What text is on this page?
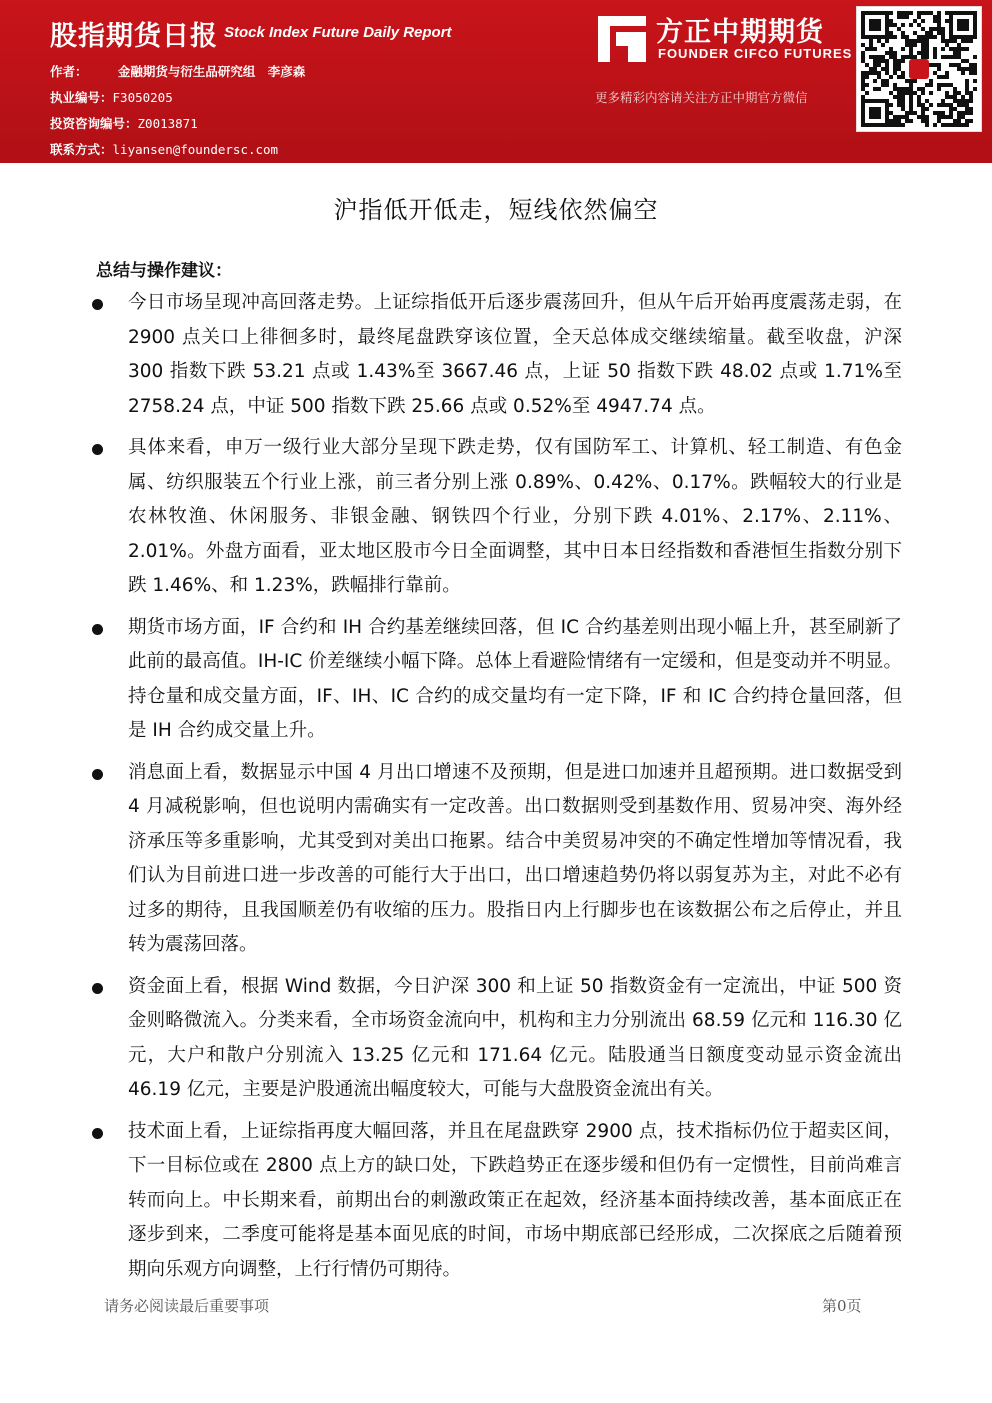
股指期货日报 Stock Index Future Daily Report
作者： 金融期货与衍生品研究组 李彦森
执业编号：F3050205
投资咨询编号：Z0013871
联系方式：liyansen@foundersc.com
方正中期期货
FOUNDER CIFCO FUTURES
更多精彩内容请关注方正中期官方微信
沪指低开低走，短线依然偏空
总结与操作建议：
今日市场呈现冲高回落走势。上证综指低开后逐步震荡回升，但从午后开始再度震荡走弱，在 2900 点关口上徘徊多时，最终尾盘跌穿该位置，全天总体成交继续缩量。截至收盘，沪深 300 指数下跌 53.21 点或 1.43%至 3667.46 点，上证 50 指数下跌 48.02 点或 1.71%至 2758.24 点，中证 500 指数下跌 25.66 点或 0.52%至 4947.74 点。
具体来看，申万一级行业大部分呈现下跌走势，仅有国防军工、计算机、轻工制造、有色金属、纺织服装五个行业上涨，前三者分别上涨 0.89%、0.42%、0.17%。跌幅较大的行业是农林牧渔、休闲服务、非银金融、钢铁四个行业，分别下跌 4.01%、2.17%、2.11%、2.01%。外盘方面看，亚太地区股市今日全面调整，其中日本日经指数和香港恒生指数分别下跌 1.46%、和 1.23%，跌幅排行靠前。
期货市场方面，IF 合约和 IH 合约基差继续回落，但 IC 合约基差则出现小幅上升，甚至刷新了此前的最高值。IH-IC 价差继续小幅下降。总体上看避险情绪有一定缓和，但是变动并不明显。持仓量和成交量方面，IF、IH、IC 合约的成交量均有一定下降，IF 和 IC 合约持仓量回落，但是 IH 合约成交量上升。
消息面上看，数据显示中国 4 月出口增速不及预期，但是进口加速并且超预期。进口数据受到 4 月减税影响，但也说明内需确实有一定改善。出口数据则受到基数作用、贸易冲突、海外经济承压等多重影响，尤其受到对美出口拖累。结合中美贸易冲突的不确定性增加等情况看，我们认为目前进口进一步改善的可能行大于出口，出口增速趋势仍将以弱复苏为主，对此不必有过多的期待，且我国顺差仍有收缩的压力。股指日内上行脚步也在该数据公布之后停止，并且转为震荡回落。
资金面上看，根据 Wind 数据，今日沪深 300 和上证 50 指数资金有一定流出，中证 500 资金则略微流入。分类来看，全市场资金流向中，机构和主力分别流出 68.59 亿元和 116.30 亿元，大户和散户分别流入 13.25 亿元和 171.64 亿元。陆股通当日额度变动显示资金流出 46.19 亿元，主要是沪股通流出幅度较大，可能与大盘股资金流出有关。
技术面上看，上证综指再度大幅回落，并且在尾盘跌穿 2900 点，技术指标仍位于超卖区间，下一目标位或在 2800 点上方的缺口处，下跌趋势正在逐步缓和但仍有一定惯性，目前尚难言转而向上。中长期来看，前期出台的刺激政策正在起效，经济基本面持续改善，基本面底正在逐步到来，二季度可能将是基本面见底的时间，市场中期底部已经形成，二次探底之后随着预期向乐观方向调整，上行行情仍可期待。
请务必阅读最后重要事项	第0页
